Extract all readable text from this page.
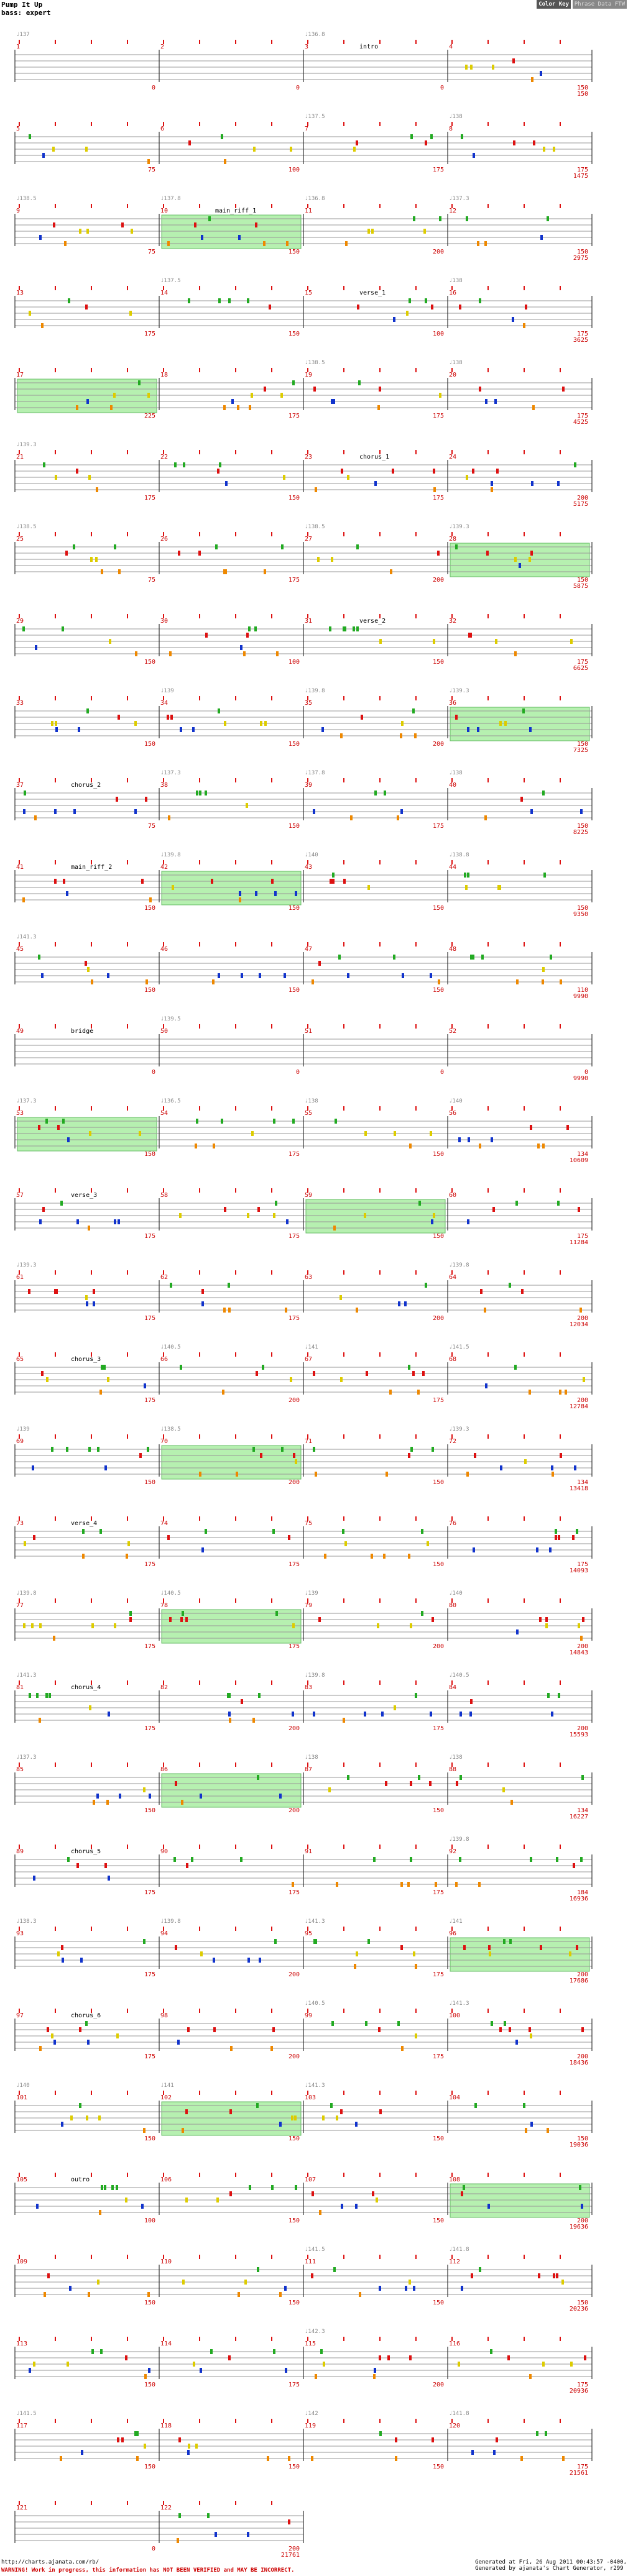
Pump It Up
bass: expert
Color Key Phrase Data FTW
1
♩137
0
2
0
3
♩136.8
intro
0
4
150
150
5
75
6
100
7
♩137.5
175
8
♩138
175
1475
9
♩138.5
75
10
♩137.8
main_riff_1
150
11
♩136.8
200
12
♩137.3
150
2975
13
175
14
♩137.5
150
15	verse_1
100
16
♩138
175
3625
17
225
18
175
19
♩138.5
175
20
♩138
175
4525
21
♩139.3
175
22
150
23	chorus_1
175
24
200
5175
25
♩138.5
75
26
175
27
♩138.5
200
28
♩139.3
150
5875
29
150
30
100
31	verse_2
150
32
175
6625
33
150
34
♩139
150
35
♩139.8
200
36
♩139.3
150
7325
37	chorus_2
75
38
♩137.3
150
39
♩137.8
175
40
♩138
150
8225
41	main_riff_2
150
42
♩139.8
150
43
♩140
150
44
♩138.8
150
9350
45
♩141.3
150
46
150
47
150
48
110
9990
49	bridge
0
50
♩139.5
0
51
0
52
0
9990
53
♩137.3
150
54
♩136.5
175
55
♩138
150
56
♩140
134
10609
57	verse_3
175
58
175
59
150
60
175
11284
61
♩139.3
175
62
175
63
200
64
♩139.8
200
12034
65	chorus_3
175
66
♩140.5
200
67
♩141
175
68
♩141.5
200
12784
69
♩139
150
70
♩138.5
200
71
150
72
♩139.3
134
13418
73	verse_4
175
74
175
75
150
76
175
14093
77
♩139.8
175
78
♩140.5
175
79
♩139
200
80
♩140
200
14843
81
♩141.3
chorus_4
175
82
200
83
♩139.8
175
84
♩140.5
200
15593
85
♩137.3
150
86
200
87
♩138
150
88
♩138
134
16227
89	chorus_5
175
90
175
91
175
92
♩139.8
184
16936
93
♩138.3
175
94
♩139.8
200
95
♩141.3
175
96
♩141
200
17686
97	chorus_6
175
98
200
99
♩140.5
175
100
♩141.3
200
18436
101
♩140
150
102
♩141
150
103
♩141.3
150
104
150
19036
105	outro
100
106
150
107
150
108
200
19636
109
150
110
150
111
♩141.5
150
112
♩141.8
150
20236
113
150
114
175
115
♩142.3
200
116
175
20936
117
♩141.5
150
118
150
119
♩142
150
120
♩141.8
175
21561
121
0
122
200
21761
http://charts.ajanata.com/rb/	Generated at Fri, 26 Aug 2011 00:43:57 -0400,
Generated by ajanata's Chart Generator, r299
WARNING! Work in progress, this information has NOT BEEN VERIFIED and MAY BE INCORRECT.
